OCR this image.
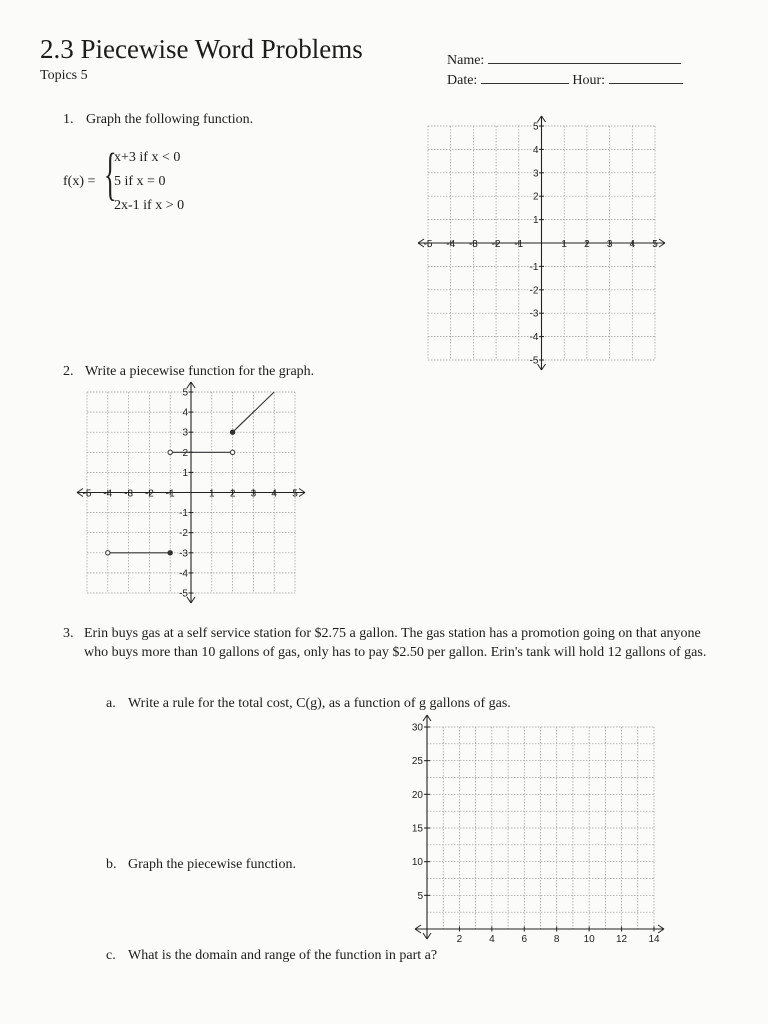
2.3 Piecewise Word Problems
Topics 5
Name:
Date:	Hour:
1. Graph the following function.
f(x) = {
x+3 if x < 0
5 if x = 0
2x-1 if x > 0
-5 -4 -3 -2 -1	1 2 3 4 5
5
4
3
2
1
-1
-2
-3
-4
-5
2. Write a piecewise function for the graph.
-5 -4 -3 -2 -1	1 2 3 4 5
5
4
3
2
1
-1
-2
-3
-4
-5
3. Erin buys gas at a self service station for $2.75 a gallon. The gas station has a promotion going on that anyone who buys more than 10 gallons of gas, only has to pay $2.50 per gallon. Erin's tank will hold 12 gallons of gas.
a. Write a rule for the total cost, C(g), as a function of g gallons of gas.
b. Graph the piecewise function.
c. What is the domain and range of the function in part a?
2	4	6	8 10 12 14
30
25
20
15
10
5
